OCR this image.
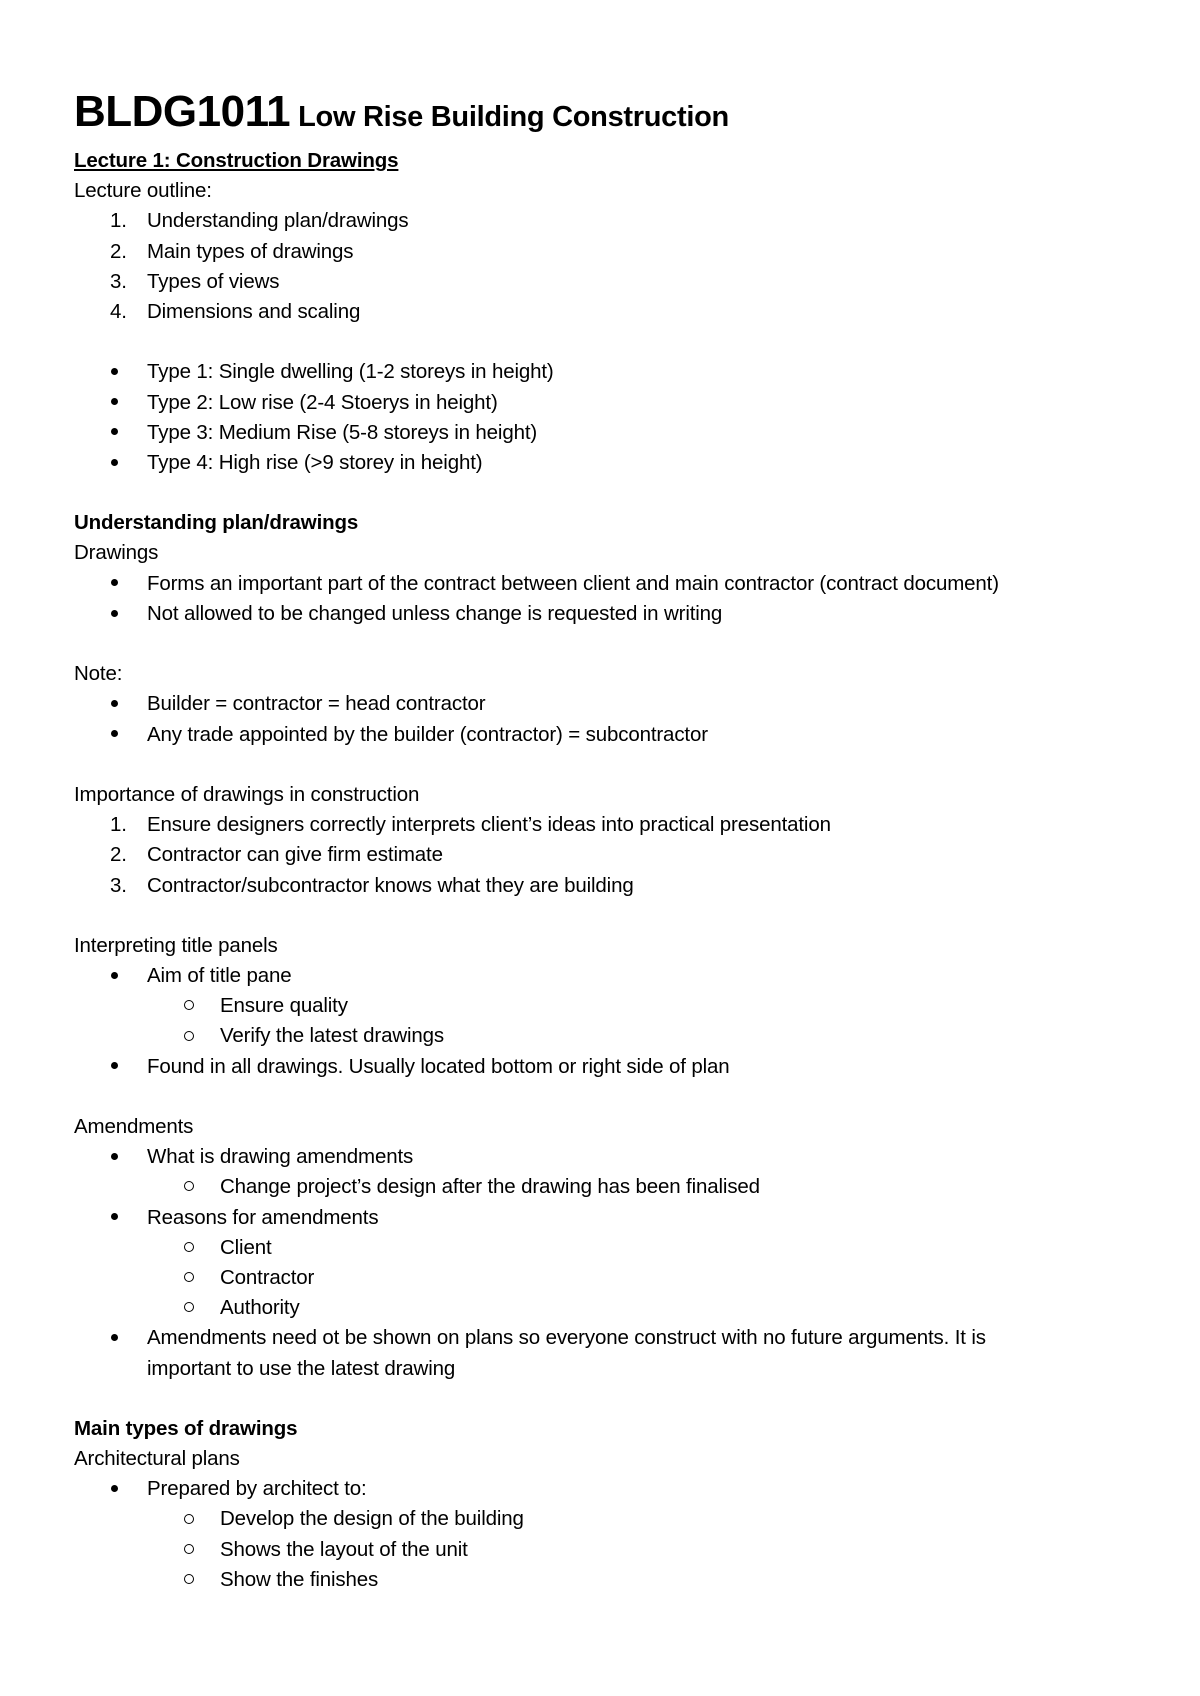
BLDG1011 Low Rise Building Construction
Lecture 1: Construction Drawings
Lecture outline:
1. Understanding plan/drawings
2. Main types of drawings
3. Types of views
4. Dimensions and scaling
Type 1: Single dwelling (1-2 storeys in height)
Type 2: Low rise (2-4 Stoerys in height)
Type 3: Medium Rise (5-8 storeys in height)
Type 4: High rise (>9 storey in height)
Understanding plan/drawings
Drawings
Forms an important part of the contract between client and main contractor (contract document)
Not allowed to be changed unless change is requested in writing
Note:
Builder = contractor = head contractor
Any trade appointed by the builder (contractor) = subcontractor
Importance of drawings in construction
1. Ensure designers correctly interprets client’s ideas into practical presentation
2. Contractor can give firm estimate
3. Contractor/subcontractor knows what they are building
Interpreting title panels
Aim of title pane
Ensure quality
Verify the latest drawings
Found in all drawings. Usually located bottom or right side of plan
Amendments
What is drawing amendments
Change project’s design after the drawing has been finalised
Reasons for amendments
Client
Contractor
Authority
Amendments need ot be shown on plans so everyone construct with no future arguments. It is
important to use the latest drawing
Main types of drawings
Architectural plans
Prepared by architect to:
Develop the design of the building
Shows the layout of the unit
Show the finishes
